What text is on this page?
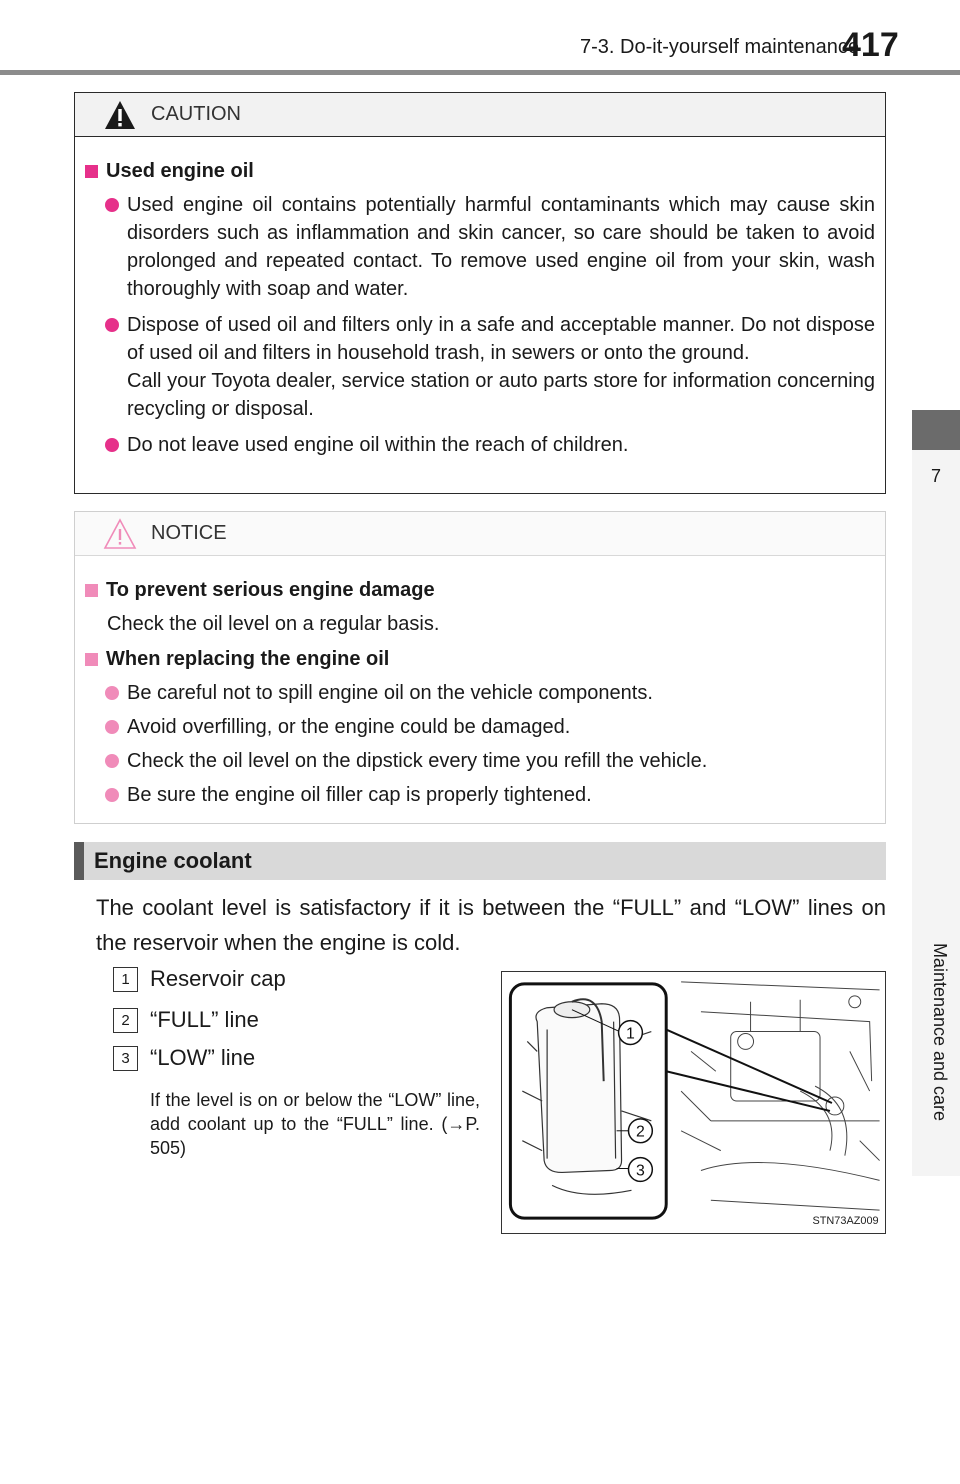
7-3. Do-it-yourself maintenance
417
7
Maintenance and care
CAUTION
Used engine oil
Used engine oil contains potentially harmful contaminants which may cause skin disorders such as inflammation and skin cancer, so care should be taken to avoid prolonged and repeated contact. To remove used engine oil from your skin, wash thoroughly with soap and water.
Dispose of used oil and filters only in a safe and acceptable manner. Do not dispose of used oil and filters in household trash, in sewers or onto the ground.
Call your Toyota dealer, service station or auto parts store for information concerning recycling or disposal.
Do not leave used engine oil within the reach of children.
NOTICE
To prevent serious engine damage
Check the oil level on a regular basis.
When replacing the engine oil
Be careful not to spill engine oil on the vehicle components.
Avoid overfilling, or the engine could be damaged.
Check the oil level on the dipstick every time you refill the vehicle.
Be sure the engine oil filler cap is properly tightened.
Engine coolant
The coolant level is satisfactory if it is between the “FULL” and “LOW” lines on the reservoir when the engine is cold.
1 Reservoir cap
2 “FULL” line
3 “LOW” line
If the level is on or below the “LOW” line, add coolant up to the “FULL” line. (→P. 505)
1
2
3
STN73AZ009
